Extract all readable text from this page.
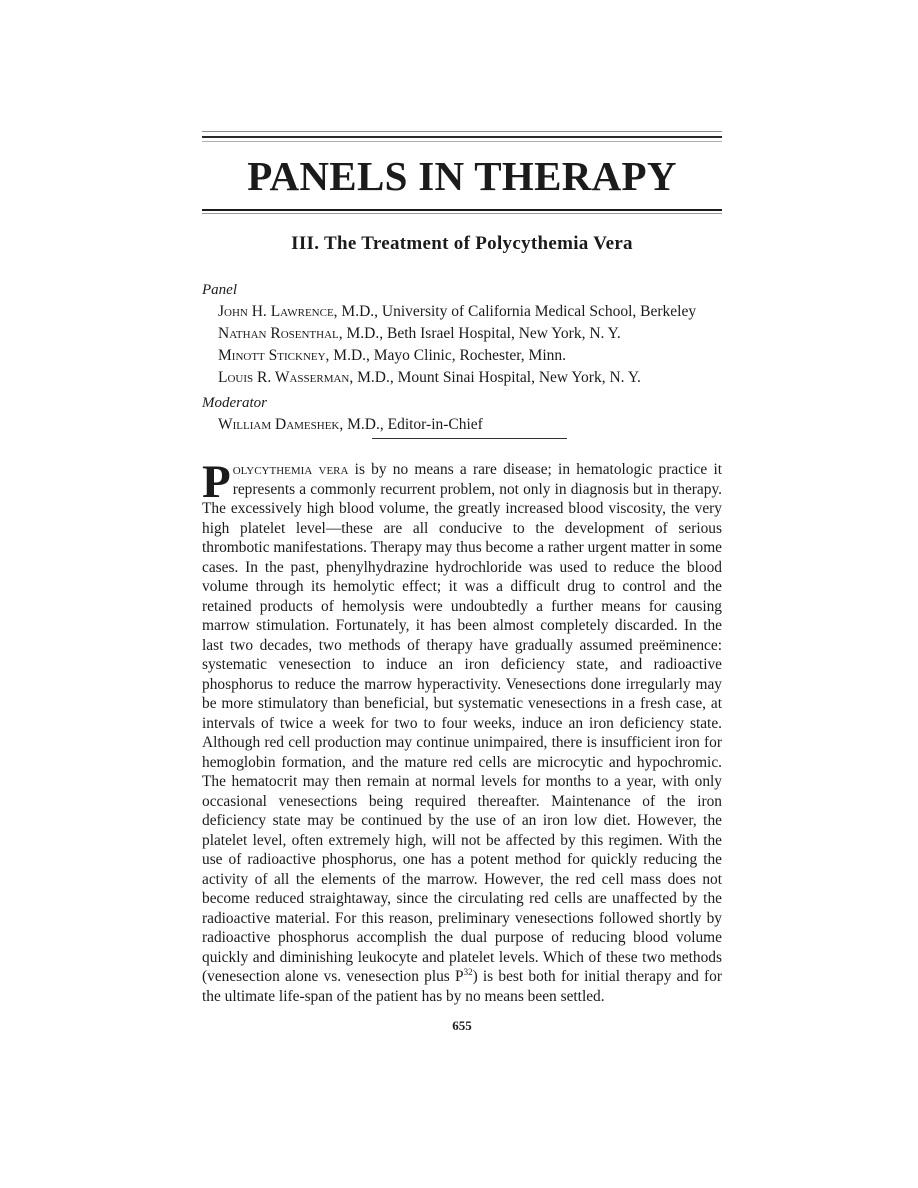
PANELS IN THERAPY
III. The Treatment of Polycythemia Vera
Panel
John H. Lawrence, M.D., University of California Medical School, Berkeley
Nathan Rosenthal, M.D., Beth Israel Hospital, New York, N. Y.
Minott Stickney, M.D., Mayo Clinic, Rochester, Minn.
Louis R. Wasserman, M.D., Mount Sinai Hospital, New York, N. Y.
Moderator
William Dameshek, M.D., Editor-in-Chief

Polycythemia vera is by no means a rare disease; in hematologic practice it represents a commonly recurrent problem, not only in diagnosis but in therapy. The excessively high blood volume, the greatly increased blood viscosity, the very high platelet level—these are all conducive to the development of serious thrombotic manifestations. Therapy may thus become a rather urgent matter in some cases. In the past, phenylhydrazine hydrochloride was used to reduce the blood volume through its hemolytic effect; it was a difficult drug to control and the retained products of hemolysis were undoubtedly a further means for causing marrow stimulation. Fortunately, it has been almost completely discarded. In the last two decades, two methods of therapy have gradually assumed preëminence: systematic venesection to induce an iron deficiency state, and radioactive phosphorus to reduce the marrow hyperactivity. Venesections done irregularly may be more stimulatory than beneficial, but systematic venesections in a fresh case, at intervals of twice a week for two to four weeks, induce an iron deficiency state. Although red cell production may continue unimpaired, there is insufficient iron for hemoglobin formation, and the mature red cells are microcytic and hypochromic. The hematocrit may then remain at normal levels for months to a year, with only occasional venesections being required thereafter. Maintenance of the iron deficiency state may be continued by the use of an iron low diet. However, the platelet level, often extremely high, will not be affected by this regimen. With the use of radioactive phosphorus, one has a potent method for quickly reducing the activity of all the elements of the marrow. However, the red cell mass does not become reduced straightaway, since the circulating red cells are unaffected by the radioactive material. For this reason, preliminary venesections followed shortly by radioactive phosphorus accomplish the dual purpose of reducing blood volume quickly and diminishing leukocyte and platelet levels. Which of these two methods (venesection alone vs. venesection plus $P^{32}$) is best both for initial therapy and for the ultimate life-span of the patient has by no means been settled.

655
